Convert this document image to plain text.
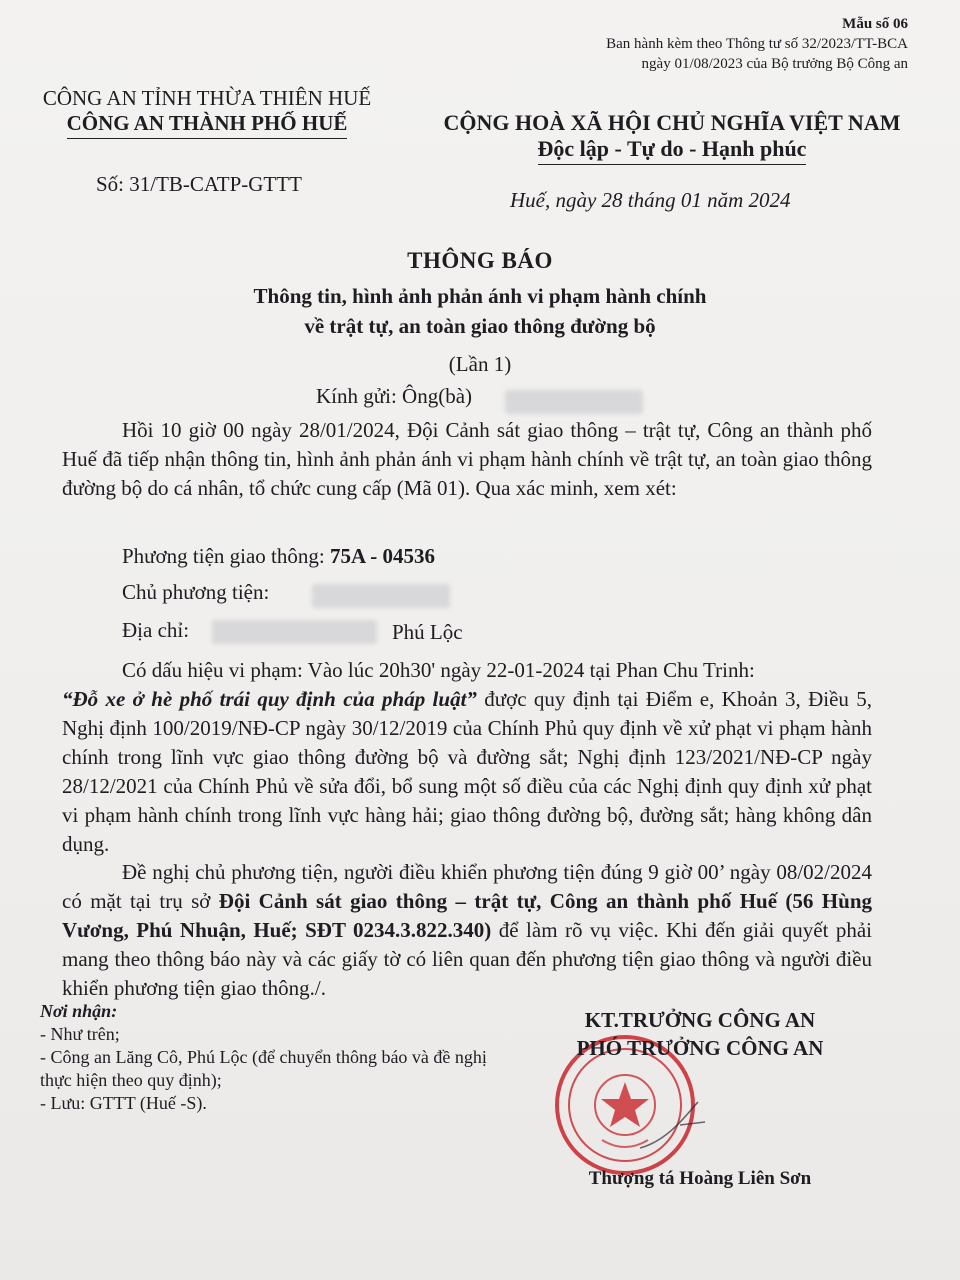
Mẫu số 06
Ban hành kèm theo Thông tư số 32/2023/TT-BCA
ngày 01/08/2023 của Bộ trưởng Bộ Công an
CÔNG AN TỈNH THỪA THIÊN HUẾ
CÔNG AN THÀNH PHỐ HUẾ	CỘNG HOÀ XÃ HỘI CHỦ NGHĨA VIỆT NAM
Độc lập - Tự do - Hạnh phúc
Số: 31/TB-CATP-GTTT
Huế, ngày 28 tháng 01 năm 2024
THÔNG BÁO
Thông tin, hình ảnh phản ánh vi phạm hành chính
về trật tự, an toàn giao thông đường bộ
(Lần 1)
Kính gửi: Ông(bà)
Hồi 10 giờ 00 ngày 28/01/2024, Đội Cảnh sát giao thông – trật tự, Công an thành phố Huế đã tiếp nhận thông tin, hình ảnh phản ánh vi phạm hành chính về trật tự, an toàn giao thông đường bộ do cá nhân, tổ chức cung cấp (Mã 01). Qua xác minh, xem xét:
Phương tiện giao thông: 75A - 04536
Chủ phương tiện:
Địa chỉ:	Phú Lộc
Có dấu hiệu vi phạm: Vào lúc 20h30' ngày 22-01-2024 tại Phan Chu Trinh:
“Đỗ xe ở hè phố trái quy định của pháp luật” được quy định tại Điểm e, Khoản 3, Điều 5, Nghị định 100/2019/NĐ-CP ngày 30/12/2019 của Chính Phủ quy định về xử phạt vi phạm hành chính trong lĩnh vực giao thông đường bộ và đường sắt; Nghị định 123/2021/NĐ-CP ngày 28/12/2021 của Chính Phủ về sửa đổi, bổ sung một số điều của các Nghị định quy định xử phạt vi phạm hành chính trong lĩnh vực hàng hải; giao thông đường bộ, đường sắt; hàng không dân dụng.
Đề nghị chủ phương tiện, người điều khiển phương tiện đúng 9 giờ 00’ ngày 08/02/2024 có mặt tại trụ sở Đội Cảnh sát giao thông – trật tự, Công an thành phố Huế (56 Hùng Vương, Phú Nhuận, Huế; SĐT 0234.3.822.340) để làm rõ vụ việc. Khi đến giải quyết phải mang theo thông báo này và các giấy tờ có liên quan đến phương tiện giao thông và người điều khiển phương tiện giao thông./.
Nơi nhận:
- Như trên;
- Công an Lăng Cô, Phú Lộc (để chuyển thông báo và đề nghị thực hiện theo quy định);
- Lưu: GTTT (Huế -S).
KT.TRƯỞNG CÔNG AN
PHÓ TRƯỞNG CÔNG AN
Thượng tá Hoàng Liên Sơn
